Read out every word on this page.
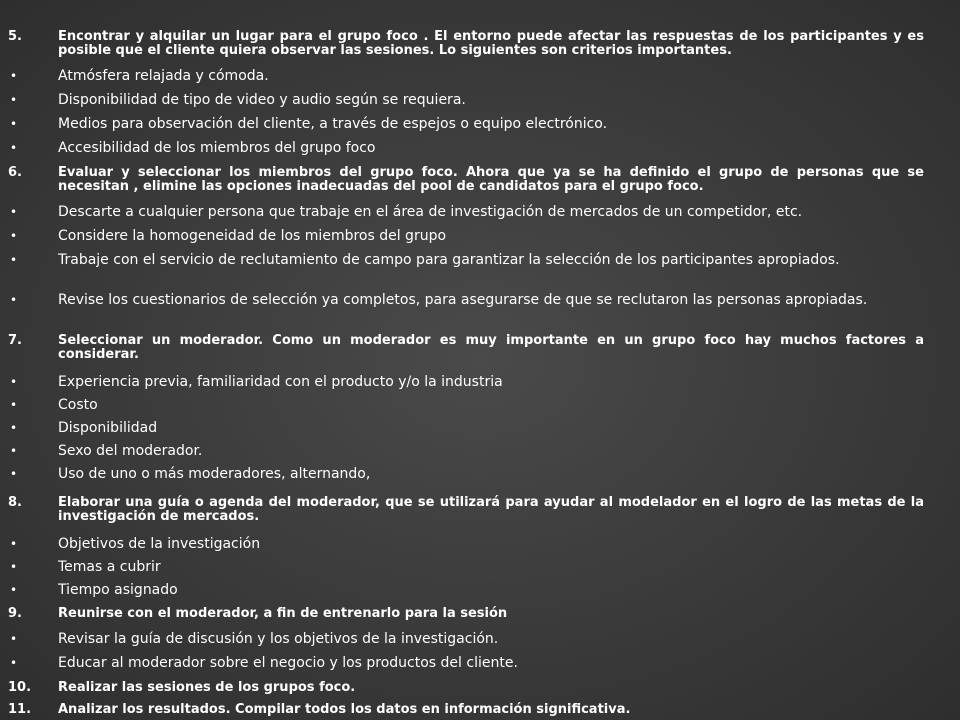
5.	Encontrar y alquilar un lugar para el grupo foco . El entorno puede afectar las respuestas de los participantes y es posible que el cliente quiera observar las sesiones. Lo siguientes son criterios importantes.
•	Atmósfera relajada y cómoda.
•	Disponibilidad de tipo de video y audio según se requiera.
•	Medios para observación del cliente, a través de espejos o equipo electrónico.
•	Accesibilidad de los miembros del grupo foco
6.	Evaluar y seleccionar los miembros del grupo foco. Ahora que ya se ha definido el grupo de personas que se necesitan , elimine las opciones inadecuadas del pool de candidatos para el grupo foco.
•	Descarte a cualquier persona que trabaje en el área de investigación de mercados de un competidor, etc.
•	Considere la homogeneidad de los miembros del grupo
•	Trabaje con el servicio de reclutamiento de campo para garantizar la selección de los participantes apropiados.
•	Revise los cuestionarios de selección ya completos, para asegurarse de que se reclutaron las personas apropiadas.
7.	Seleccionar un moderador. Como un moderador es muy importante en un grupo foco hay muchos factores a considerar.
•	Experiencia previa, familiaridad con el producto y/o la industria
•	Costo
•	Disponibilidad
•	Sexo del moderador.
•	Uso de uno o más moderadores, alternando,
8.	Elaborar una guía o agenda del moderador, que se utilizará para ayudar al modelador en el logro de las metas de la investigación de mercados.
•	Objetivos de la investigación
•	Temas a cubrir
•	Tiempo asignado
9.	Reunirse con el moderador, a fin de entrenarlo para la sesión
•	Revisar la guía de discusión y los objetivos de la investigación.
•	Educar al moderador sobre el negocio y los productos del cliente.
10.	Realizar las sesiones de los grupos foco.
11.	Analizar los resultados. Compilar todos los datos en información significativa.
